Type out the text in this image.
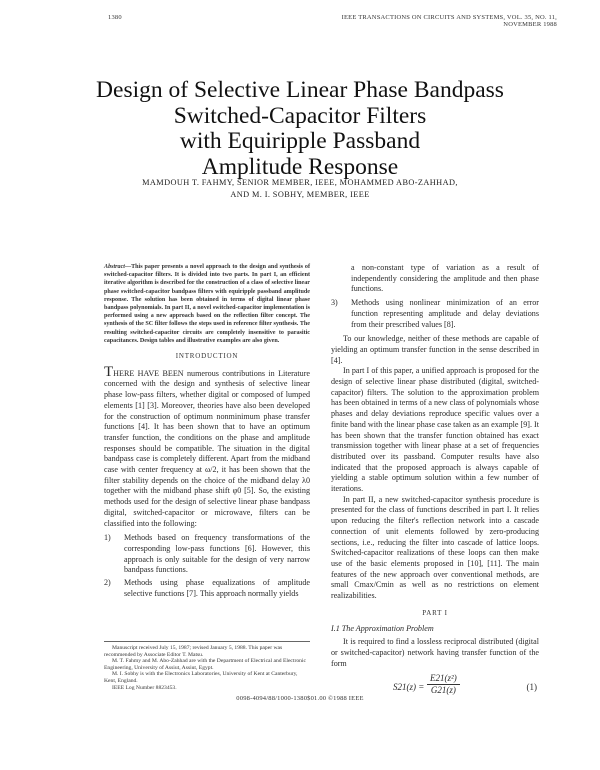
1380	IEEE TRANSACTIONS ON CIRCUITS AND SYSTEMS, VOL. 35, NO. 11, NOVEMBER 1988
Design of Selective Linear Phase Bandpass
Switched-Capacitor Filters
with Equiripple Passband
Amplitude Response
MAMDOUH T. FAHMY, SENIOR MEMBER, IEEE, MOHAMMED ABO-ZAHHAD,
AND M. I. SOBHY, MEMBER, IEEE
Abstract—This paper presents a novel approach to the design and synthesis of switched-capacitor filters. It is divided into two parts. In part I, an efficient iterative algorithm is described for the construction of a class of selective linear phase switched-capacitor bandpass filters with equiripple passband amplitude response. The solution has been obtained in terms of digital linear phase bandpass polynomials. In part II, a novel switched-capacitor implementation is performed using a new approach based on the reflection filter concept. The synthesis of the SC filter follows the steps used in reference filter synthesis. The resulting switched-capacitor circuits are completely insensitive to parasitic capacitances. Design tables and illustrative examples are also given.
INTRODUCTION

THERE HAVE BEEN numerous contributions in Literature concerned with the design and synthesis of selective linear phase low-pass filters, whether digital or composed of lumped elements [1] [3]. Moreover, theories have also been developed for the construction of optimum nonminimum phase transfer functions [4]. It has been shown that to have an optimum transfer function, the conditions on the phase and amplitude responses should be compatible. The situation in the digital bandpass case is completely different. Apart from the midband case with center frequency at ω/2, it has been shown that the filter stability depends on the choice of the midband delay λ0 together with the midband phase shift φ0 [5]. So, the existing methods used for the design of selective linear phase bandpass digital, switched-capacitor or microwave, filters can be classified into the following:

1) Methods based on frequency transformations of the corresponding low-pass functions [6]. However, this approach is only suitable for the design of very narrow bandpass functions.
2) Methods using phase equalizations of amplitude selective functions [7]. This approach normally yields
Manuscript received July 15, 1987; revised January 5, 1988. This paper was recommended by Associate Editor T. Matsu.
M. T. Fahmy and M. Abo-Zahhad are with the Department of Electrical and Electronic Engineering, University of Assiut, Assiut, Egypt.
M. I. Sobhy is with the Electronics Laboratories, University of Kent at Canterbury, Kent, England.
IEEE Log Number 8823453.

a non-constant type of variation as a result of independently considering the amplitude and then phase functions.

3) Methods using nonlinear minimization of an error function representing amplitude and delay deviations from their prescribed values [8].

To our knowledge, neither of these methods are capable of yielding an optimum transfer function in the sense described in [4].

In part I of this paper, a unified approach is proposed for the design of selective linear phase distributed (digital, switched-capacitor) filters. The solution to the approximation problem has been obtained in terms of a new class of polynomials whose phases and delay deviations reproduce specific values over a finite band with the linear phase case taken as an example [9]. It has been shown that the transfer function obtained has exact transmission together with linear phase at a set of frequencies distributed over its passband. Computer results have also indicated that the proposed approach is always capable of yielding a stable optimum solution within a few number of iterations.

In part II, a new switched-capacitor synthesis procedure is presented for the class of functions described in part I. It relies upon reducing the filter's reflection network into a cascade connection of unit elements followed by zero-producing sections, i.e., reducing the filter into cascade of lattice loops. Switched-capacitor realizations of these loops can then make use of the basic elements proposed in [10], [11]. The main features of the new approach over conventional methods, are small Cmax/Cmin as well as no restrictions on element realizabilities.

PART I
I.1 The Approximation Problem

It is required to find a lossless reciprocal distributed (digital or switched-capacitor) network having transfer function of the form

$S21(z) = \frac{\text{E21(z²)}}{G21(z)}$	(1)
0098-4094/88/1000-1380$01.00 ©1988 IEEE
